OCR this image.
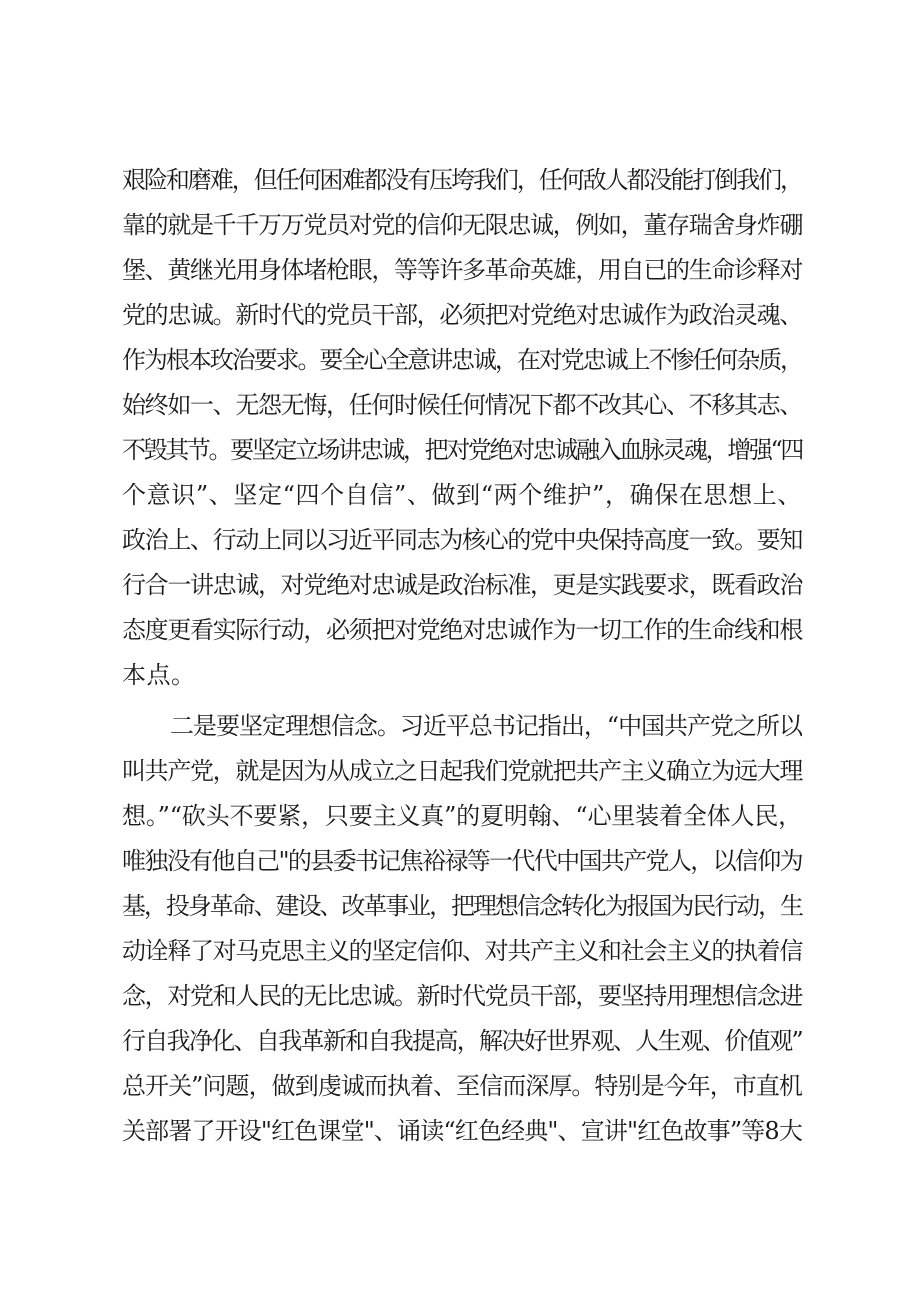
艰险和磨难，但任何困难都没有压垮我们，任何敌人都没能打倒我们，
靠的就是千千万万党员对党的信仰无限忠诚，例如，董存瑞舍身炸硼
堡、黄继光用身体堵枪眼，等等许多革命英雄，用自已的生命诊释对
党的忠诚。新时代的党员干部，必须把对党绝对忠诚作为政治灵魂、
作为根本玫治要求。要全心全意讲忠诚，在对党忠诚上不惨任何杂质，
始终如一、无怨无悔，任何时候任何情况下都不改其心、不移其志、
不毁其节。要坚定立场讲忠诚，把对党绝对忠诚融入血脉灵魂，增强“四
个意识”、坚定“四个自信”、做到“两个维护”，确保在思想上、
政治上、行动上同以习近平同志为核心的党中央保持高度一致。要知
行合一讲忠诚，对党绝对忠诚是政治标准，更是实践要求，既看政治
态度更看实际行动，必须把对党绝对忠诚作为一切工作的生命线和根
本点。
二是要坚定理想信念。习近平总书记指出，“中国共产党之所以
叫共产党，就是因为从成立之日起我们党就把共产主义确立为远大理
想。”“砍头不要紧，只要主义真”的夏明翰、“心里装着全体人民，
唯独没有他自己"的县委书记焦裕禄等一代代中国共产党人，以信仰为
基，投身革命、建设、改革事业，把理想信念转化为报国为民行动，生
动诠释了对马克思主义的坚定信仰、对共产主义和社会主义的执着信
念，对党和人民的无比忠诚。新时代党员干部，要坚持用理想信念进
行自我净化、自我革新和自我提高，解决好世界观、人生观、价值观”
总开关”问题，做到虔诚而执着、至信而深厚。特别是今年，市直机
关部署了开设"红色课堂"、诵读“红色经典"、宣讲"红色故事”等8大
